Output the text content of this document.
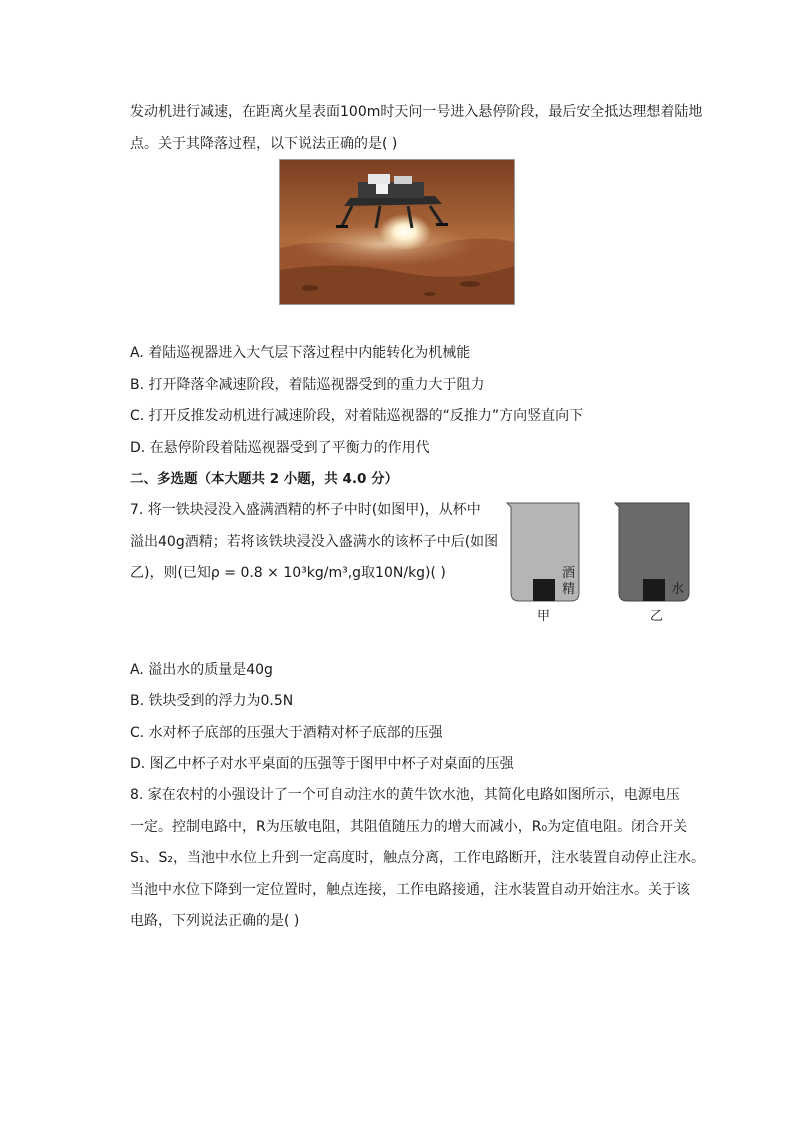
发动机进行减速，在距离火星表面100m时天问一号进入悬停阶段，最后安全抵达理想着陆地
点。关于其降落过程，以下说法正确的是( )
A. 着陆巡视器进入大气层下落过程中内能转化为机械能
B. 打开降落伞减速阶段，着陆巡视器受到的重力大于阻力
C. 打开反推发动机进行减速阶段，对着陆巡视器的“反推力”方向竖直向下
D. 在悬停阶段着陆巡视器受到了平衡力的作用代
二、多选题（本大题共 2 小题，共 4.0 分）
7. 将一铁块浸没入盛满酒精的杯子中时(如图甲)，从杯中
溢出40g酒精；若将该铁块浸没入盛满水的该杯子中后(如图
乙)，则(已知ρ = 0.8 × 10³kg/m³,g取10N/kg)( )	酒精	水
甲	乙
A. 溢出水的质量是40g
B. 铁块受到的浮力为0.5N
C. 水对杯子底部的压强大于酒精对杯子底部的压强
D. 图乙中杯子对水平桌面的压强等于图甲中杯子对桌面的压强
8. 家在农村的小强设计了一个可自动注水的黄牛饮水池，其简化电路如图所示，电源电压
一定。控制电路中，R为压敏电阻，其阻值随压力的增大而减小，R₀为定值电阻。闭合开关
S₁、S₂，当池中水位上升到一定高度时，触点分离，工作电路断开，注水装置自动停止注水。
当池中水位下降到一定位置时，触点连接，工作电路接通，注水装置自动开始注水。关于该
电路，下列说法正确的是( )
